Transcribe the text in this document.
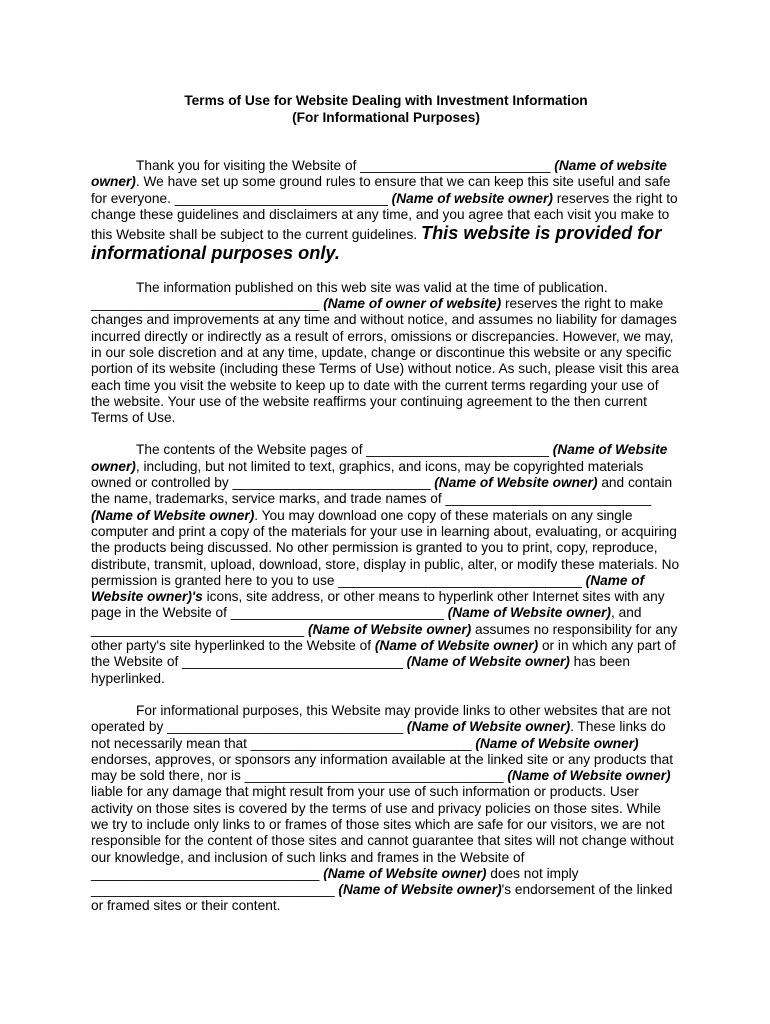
Terms of Use for Website Dealing with Investment Information
(For Informational Purposes)

Thank you for visiting the Website of _________________________ (Name of website owner). We have set up some ground rules to ensure that we can keep this site useful and safe for everyone. ____________________________ (Name of website owner) reserves the right to change these guidelines and disclaimers at any time, and you agree that each visit you make to this Website shall be subject to the current guidelines. This website is provided for informational purposes only.

The information published on this web site was valid at the time of publication. ______________________________ (Name of owner of website) reserves the right to make changes and improvements at any time and without notice, and assumes no liability for damages incurred directly or indirectly as a result of errors, omissions or discrepancies. However, we may, in our sole discretion and at any time, update, change or discontinue this website or any specific portion of its website (including these Terms of Use) without notice. As such, please visit this area each time you visit the website to keep up to date with the current terms regarding your use of the website. Your use of the website reaffirms your continuing agreement to the then current Terms of Use.

The contents of the Website pages of ________________________ (Name of Website owner), including, but not limited to text, graphics, and icons, may be copyrighted materials owned or controlled by __________________________ (Name of Website owner) and contain the name, trademarks, service marks, and trade names of ___________________________ (Name of Website owner). You may download one copy of these materials on any single computer and print a copy of the materials for your use in learning about, evaluating, or acquiring the products being discussed. No other permission is granted to you to print, copy, reproduce, distribute, transmit, upload, download, store, display in public, alter, or modify these materials. No permission is granted here to you to use ________________________________ (Name of Website owner)'s icons, site address, or other means to hyperlink other Internet sites with any page in the Website of ____________________________ (Name of Website owner), and ____________________________ (Name of Website owner) assumes no responsibility for any other party's site hyperlinked to the Website of (Name of Website owner) or in which any part of the Website of _____________________________ (Name of Website owner) has been hyperlinked.

For informational purposes, this Website may provide links to other websites that are not operated by _______________________________ (Name of Website owner). These links do not necessarily mean that _____________________________ (Name of Website owner) endorses, approves, or sponsors any information available at the linked site or any products that may be sold there, nor is __________________________________ (Name of Website owner) liable for any damage that might result from your use of such information or products. User activity on those sites is covered by the terms of use and privacy policies on those sites. While we try to include only links to or frames of those sites which are safe for our visitors, we are not responsible for the content of those sites and cannot guarantee that sites will not change without our knowledge, and inclusion of such links and frames in the Website of ______________________________ (Name of Website owner) does not imply ________________________________ (Name of Website owner)'s endorsement of the linked or framed sites or their content.
